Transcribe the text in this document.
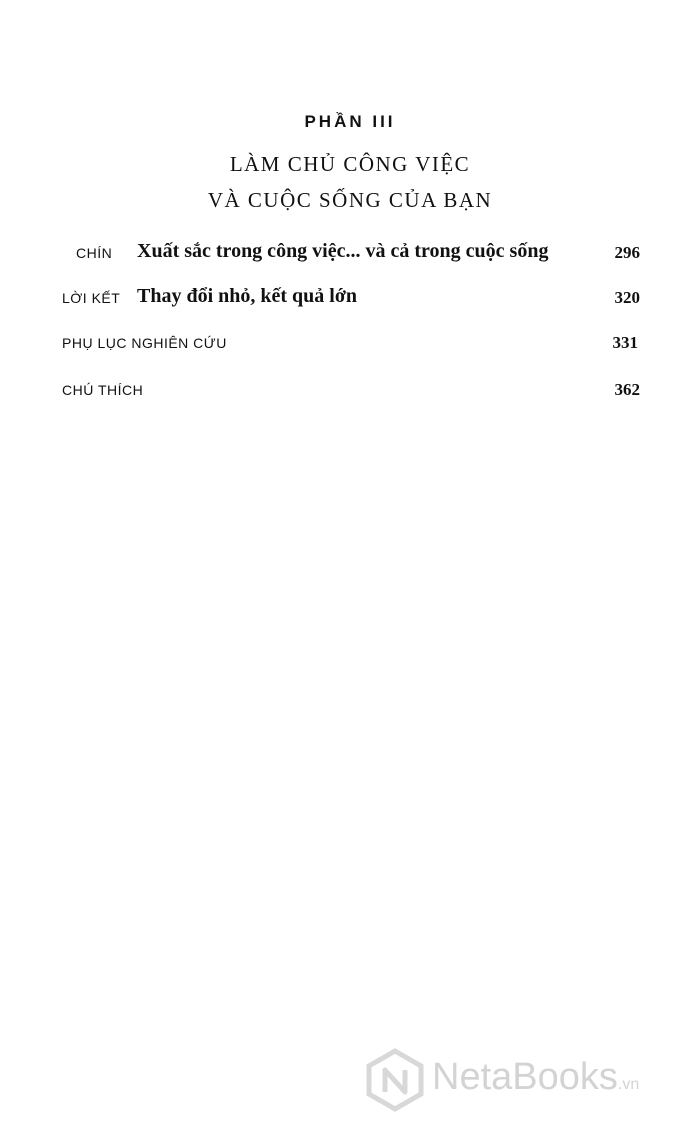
PHẦN III
LÀM CHỦ CÔNG VIỆC
VÀ CUỘC SỐNG CỦA BẠN
CHÍN Xuất sắc trong công việc... và cả trong cuộc sống	296
LỜI KẾT Thay đổi nhỏ, kết quả lớn	320
PHỤ LỤC NGHIÊN CỨU	331
CHÚ THÍCH	362
NetaBooks.vn
